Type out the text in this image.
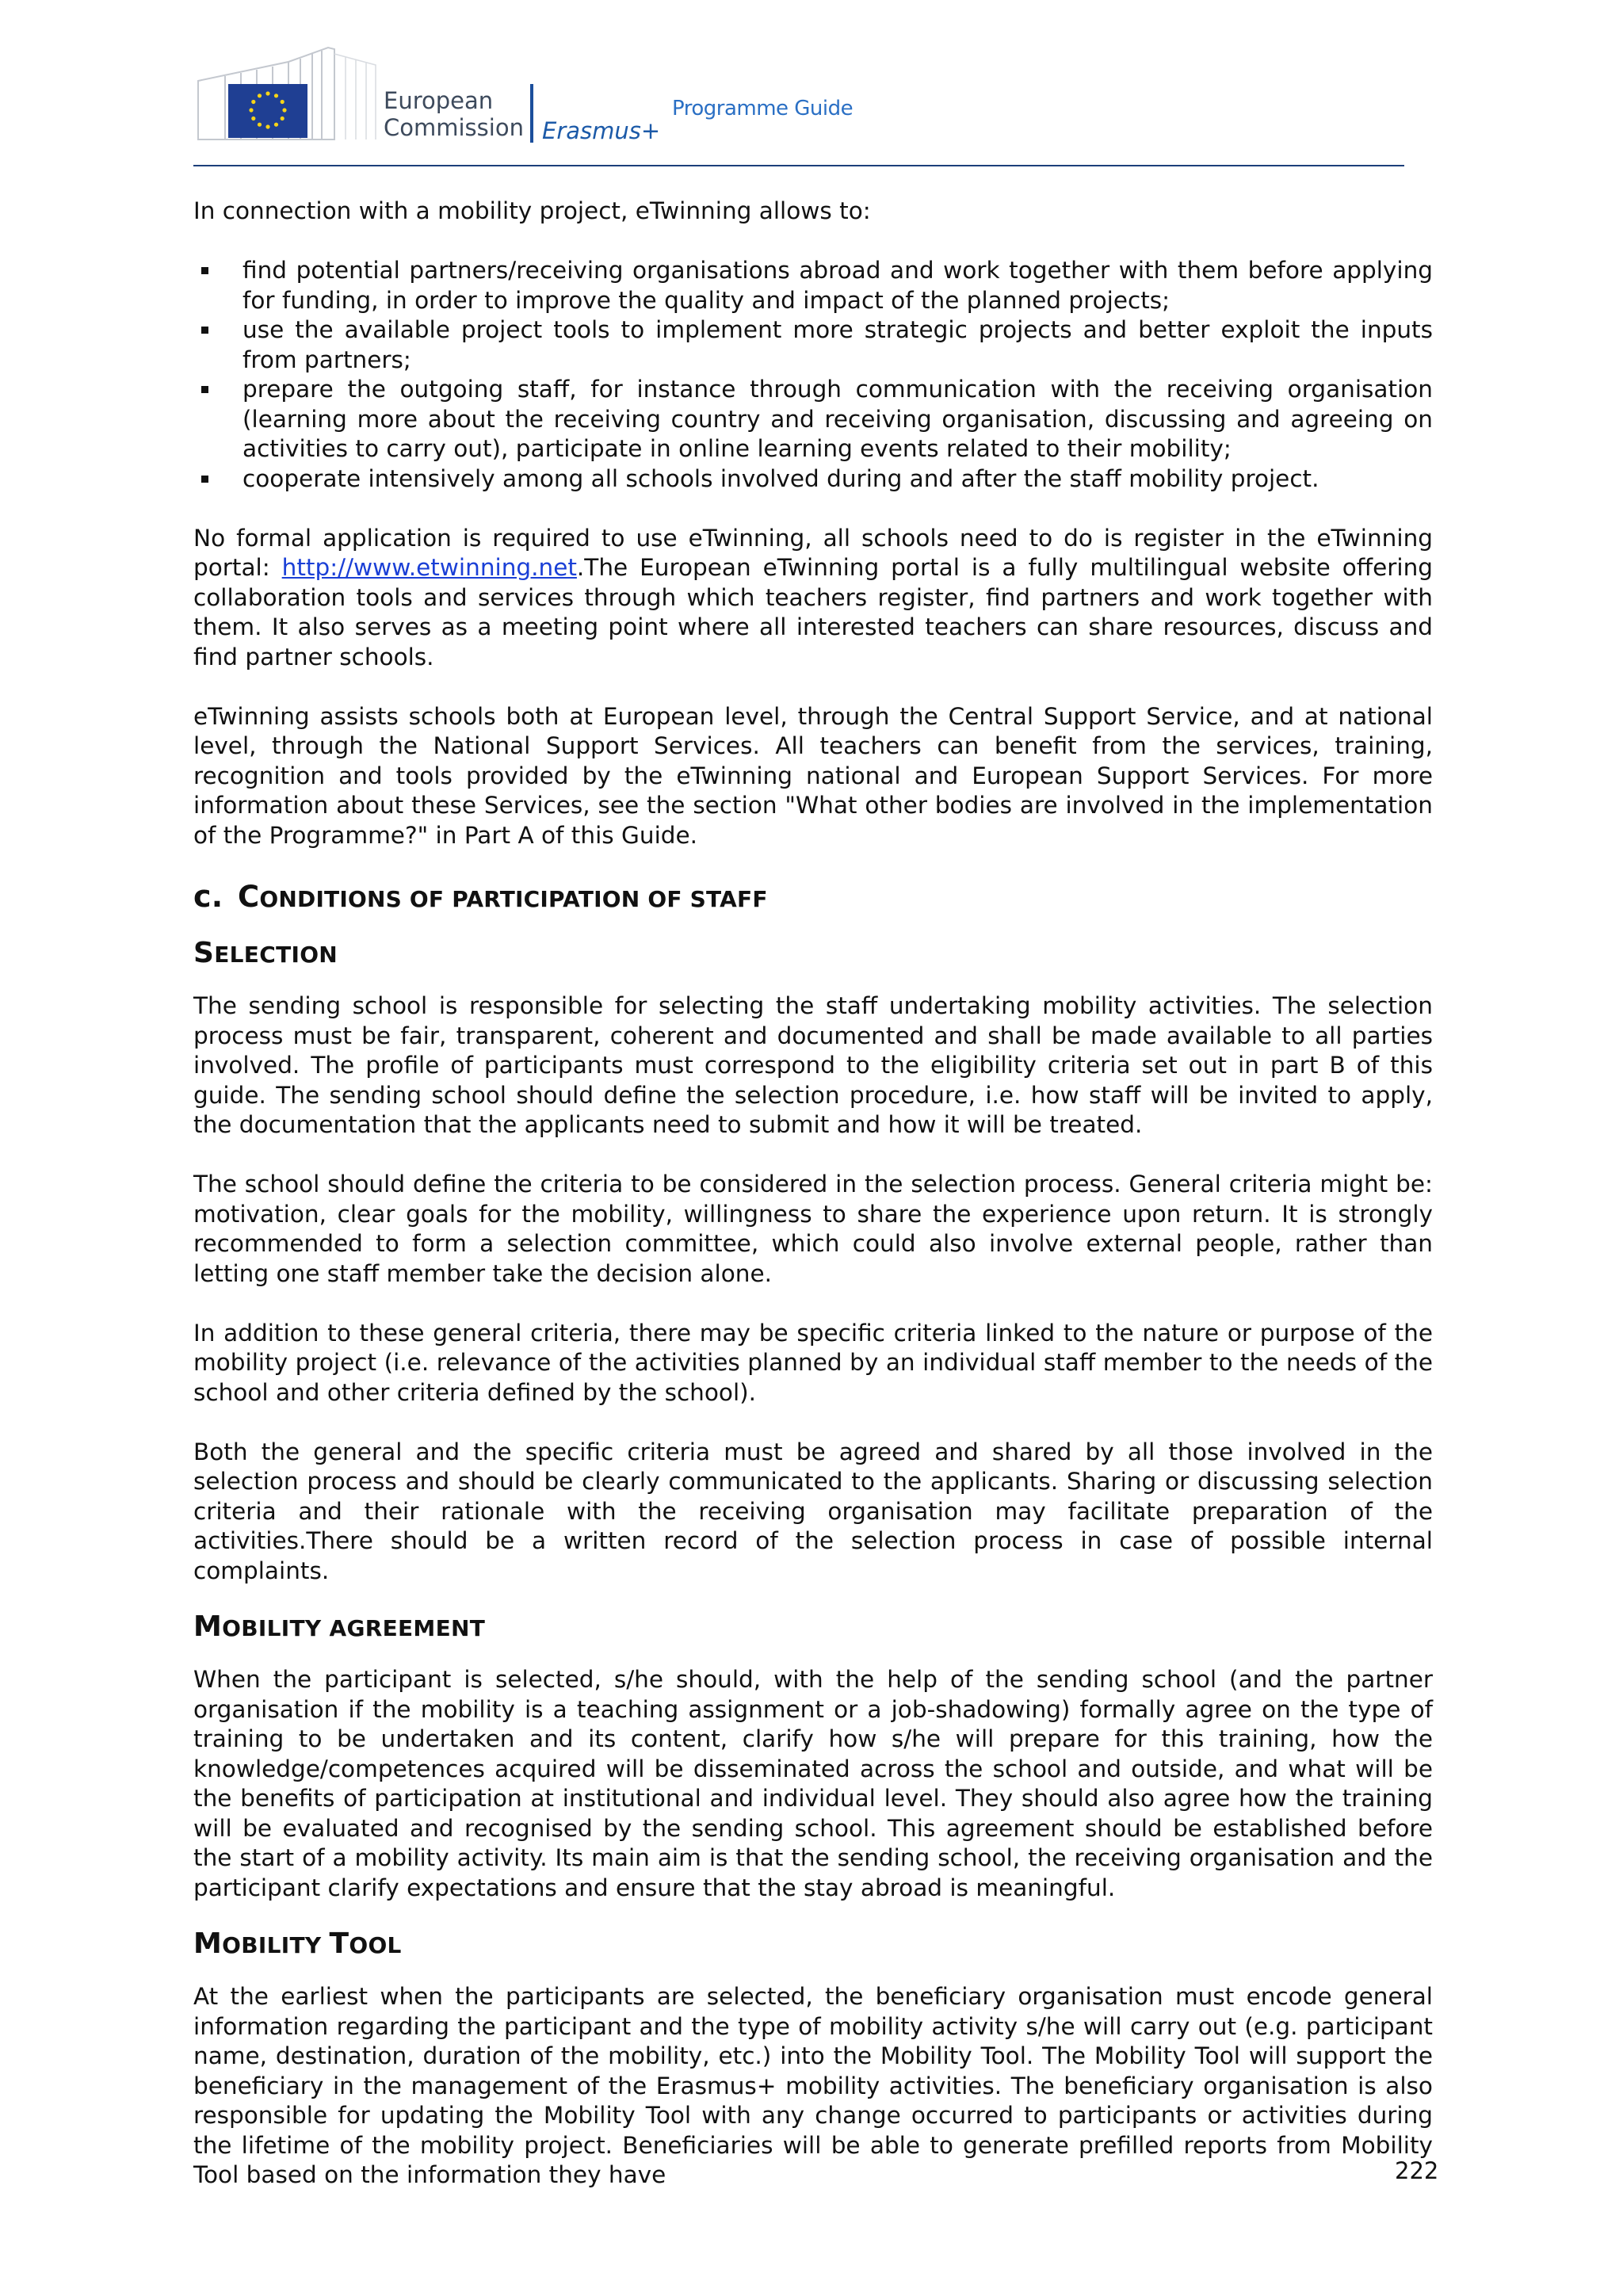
European
Commission Erasmus+
Programme Guide

In connection with a mobility project, eTwinning allows to:

find potential partners/receiving organisations abroad and work together with them before applying for funding, in order to improve the quality and impact of the planned projects;
use the available project tools to implement more strategic projects and better exploit the inputs from partners;
prepare the outgoing staff, for instance through communication with the receiving organisation (learning more about the receiving country and receiving organisation, discussing and agreeing on activities to carry out), participate in online learning events related to their mobility;
cooperate intensively among all schools involved during and after the staff mobility project.

No formal application is required to use eTwinning, all schools need to do is register in the eTwinning portal: http://www.etwinning.net.The European eTwinning portal is a fully multilingual website offering collaboration tools and services through which teachers register, find partners and work together with them. It also serves as a meeting point where all interested teachers can share resources, discuss and find partner schools.

eTwinning assists schools both at European level, through the Central Support Service, and at national level, through the National Support Services. All teachers can benefit from the services, training, recognition and tools provided by the eTwinning national and European Support Services. For more information about these Services, see the section "What other bodies are involved in the implementation of the Programme?" in Part A of this Guide.

c. CONDITIONS OF PARTICIPATION OF STAFF
SELECTION

The sending school is responsible for selecting the staff undertaking mobility activities. The selection process must be fair, transparent, coherent and documented and shall be made available to all parties involved. The profile of participants must correspond to the eligibility criteria set out in part B of this guide. The sending school should define the selection procedure, i.e. how staff will be invited to apply, the documentation that the applicants need to submit and how it will be treated.

The school should define the criteria to be considered in the selection process. General criteria might be: motivation, clear goals for the mobility, willingness to share the experience upon return. It is strongly recommended to form a selection committee, which could also involve external people, rather than letting one staff member take the decision alone.

In addition to these general criteria, there may be specific criteria linked to the nature or purpose of the mobility project (i.e. relevance of the activities planned by an individual staff member to the needs of the school and other criteria defined by the school).

Both the general and the specific criteria must be agreed and shared by all those involved in the selection process and should be clearly communicated to the applicants. Sharing or discussing selection criteria and their rationale with the receiving organisation may facilitate preparation of the activities.There should be a written record of the selection process in case of possible internal complaints.

MOBILITY AGREEMENT

When the participant is selected, s/he should, with the help of the sending school (and the partner organisation if the mobility is a teaching assignment or a job-shadowing) formally agree on the type of training to be undertaken and its content, clarify how s/he will prepare for this training, how the knowledge/competences acquired will be disseminated across the school and outside, and what will be the benefits of participation at institutional and individual level. They should also agree how the training will be evaluated and recognised by the sending school. This agreement should be established before the start of a mobility activity. Its main aim is that the sending school, the receiving organisation and the participant clarify expectations and ensure that the stay abroad is meaningful.

MOBILITY TOOL

At the earliest when the participants are selected, the beneficiary organisation must encode general information regarding the participant and the type of mobility activity s/he will carry out (e.g. participant name, destination, duration of the mobility, etc.) into the Mobility Tool. The Mobility Tool will support the beneficiary in the management of the Erasmus+ mobility activities. The beneficiary organisation is also responsible for updating the Mobility Tool with any change occurred to participants or activities during the lifetime of the mobility project. Beneficiaries will be able to generate prefilled reports from Mobility Tool based on the information they have	222
